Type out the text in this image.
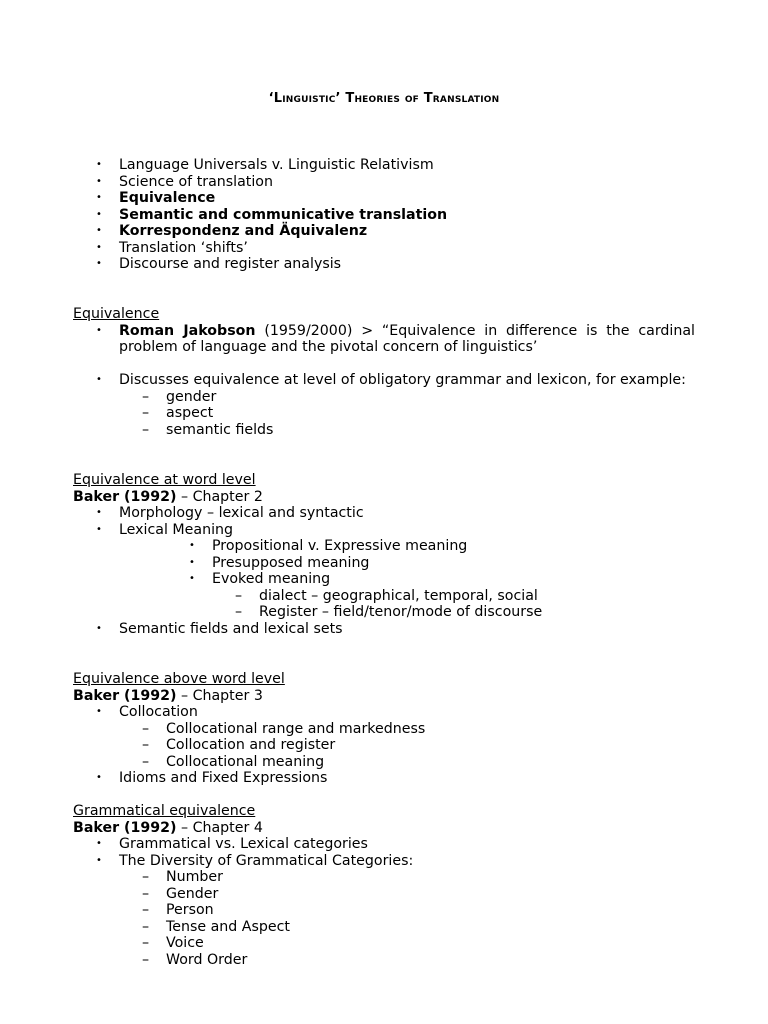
‘Linguistic’ Theories of Translation
• Language Universals v. Linguistic Relativism
• Science of translation
• Equivalence
• Semantic and communicative translation
• Korrespondenz and Äquivalenz
• Translation ‘shifts’
• Discourse and register analysis
Equivalence
• Roman Jakobson (1959/2000) > “Equivalence in difference is the cardinal
problem of language and the pivotal concern of linguistics’
• Discusses equivalence at level of obligatory grammar and lexicon, for example:
– gender
– aspect
– semantic fields
Equivalence at word level
Baker (1992) – Chapter 2
• Morphology – lexical and syntactic
• Lexical Meaning
• Propositional v. Expressive meaning
• Presupposed meaning
• Evoked meaning
– dialect – geographical, temporal, social
– Register – field/tenor/mode of discourse
• Semantic fields and lexical sets
Equivalence above word level
Baker (1992) – Chapter 3
• Collocation
– Collocational range and markedness
– Collocation and register
– Collocational meaning
• Idioms and Fixed Expressions
Grammatical equivalence
Baker (1992) – Chapter 4
• Grammatical vs. Lexical categories
• The Diversity of Grammatical Categories:
– Number
– Gender
– Person
– Tense and Aspect
– Voice
– Word Order
